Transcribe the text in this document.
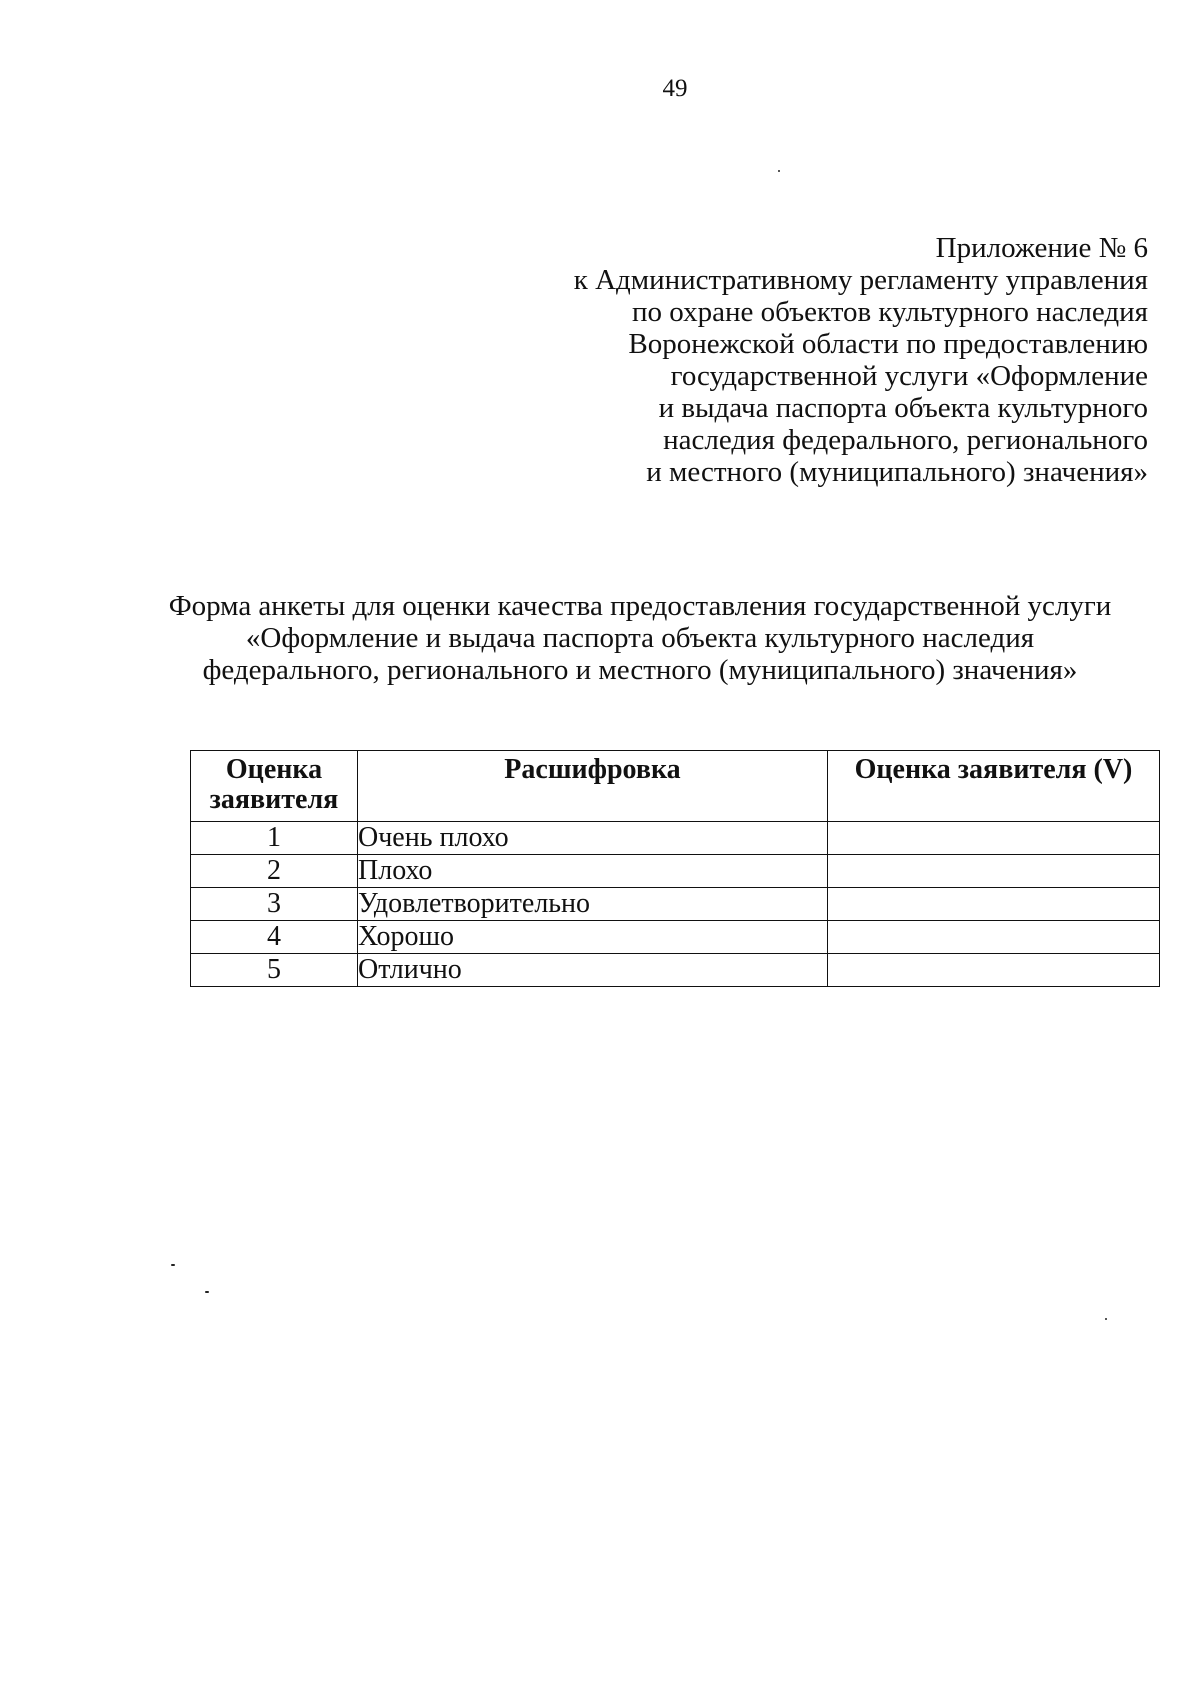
49
Приложение № 6
к Административному регламенту управления
по охране объектов культурного наследия
Воронежской области по предоставлению
государственной услуги «Оформление
и выдача паспорта объекта культурного
наследия федерального, регионального
и местного (муниципального) значения»
Форма анкеты для оценки качества предоставления государственной услуги
«Оформление и выдача паспорта объекта культурного наследия
федерального, регионального и местного (муниципального) значения»
Оценка заявителя	Расшифровка	Оценка заявителя (V)
1	Очень плохо	
2	Плохо	
3	Удовлетворительно	
4	Хорошо	
5	Отлично	
